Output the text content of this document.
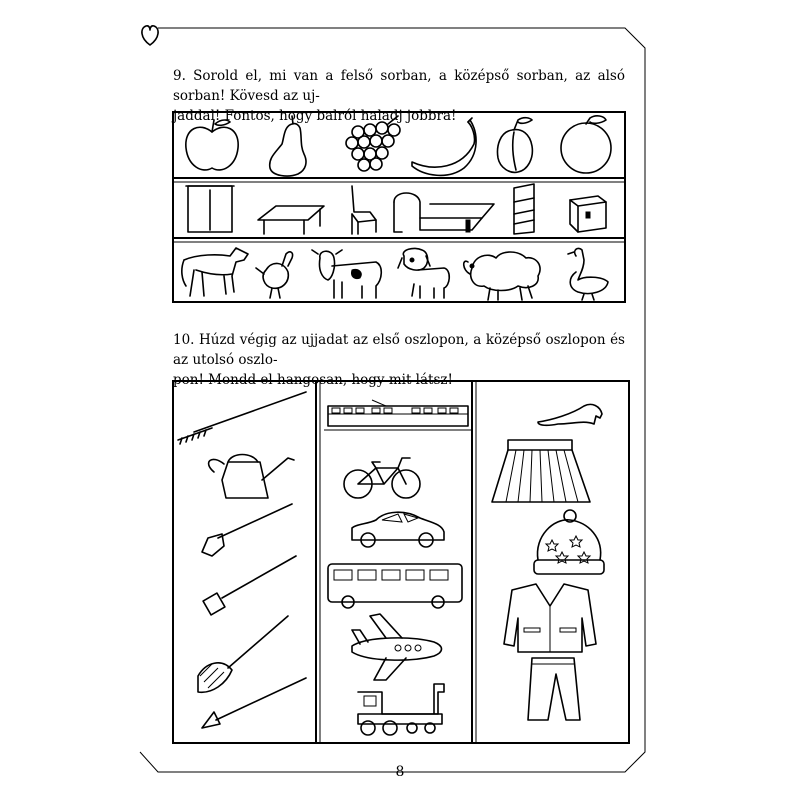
9. Sorold el, mi van a felső sorban, a középső sorban, az alsó sorban! Kövesd az uj-
jaddal! Fontos, hogy balról haladj jobbra!
10. Húzd végig az ujjadat az első oszlopon, a középső oszlopon és az utolsó oszlo-
pon! Mondd el hangosan, hogy mit látsz!
8
